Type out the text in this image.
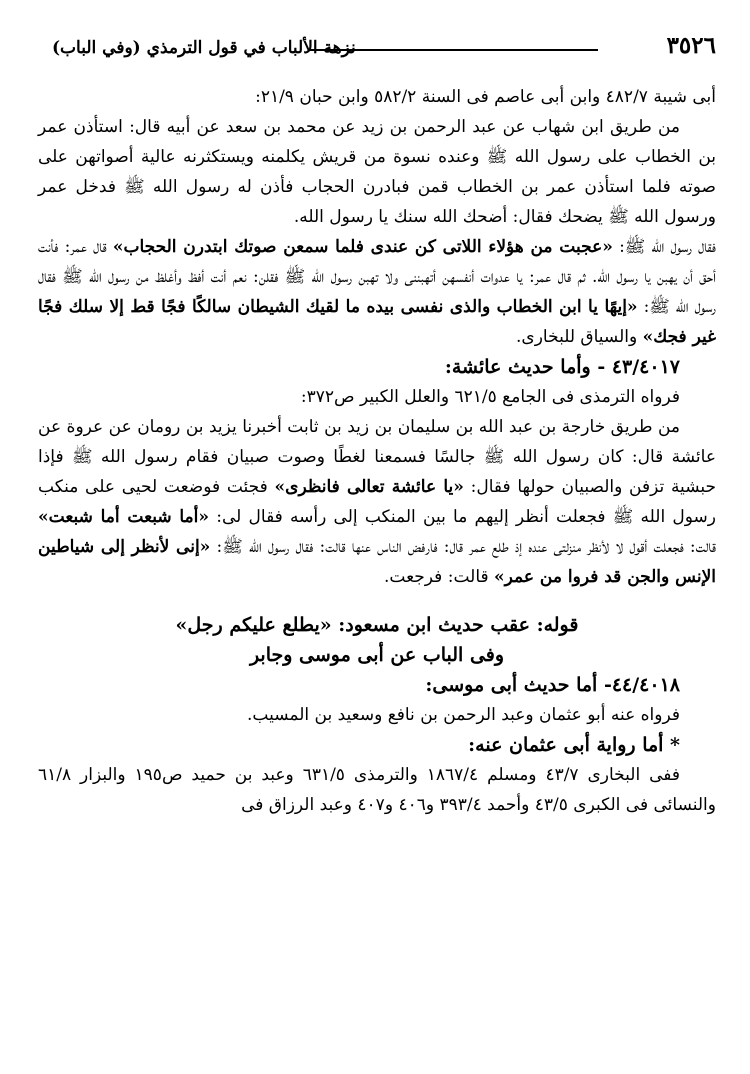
نزهة الألباب في قول الترمذي (وفي الباب)	٣٥٢٦

أبى شيبة ٤٨٢/٧ وابن أبى عاصم فى السنة ٥٨٢/٢ وابن حبان ٢١/٩:

من طريق ابن شهاب عن عبد الرحمن بن زيد عن محمد بن سعد عن أبيه قال: استأذن عمر بن الخطاب على رسول الله ﷺ وعنده نسوة من قريش يكلمنه ويستكثرنه عالية أصواتهن على صوته فلما استأذن عمر بن الخطاب قمن فبادرن الحجاب فأذن له رسول الله ﷺ فدخل عمر ورسول الله ﷺ يضحك فقال: أضحك الله سنك يا رسول الله.

فقال رسول الله ﷺ: «عجبت من هؤلاء اللاتى كن عندى فلما سمعن صوتك ابتدرن الحجاب» قال عمر: فأنت أحق أن يهبن يا رسول الله. ثم قال عمر: يا عدوات أنفسهن أتهبننى ولا تهبن رسول الله ﷺ فقلن: نعم أنت أفظ وأغلظ من رسول الله ﷺ فقال رسول الله ﷺ: «إيهًا يا ابن الخطاب والذى نفسى بيده ما لقيك الشيطان سالكًا فجًا قط إلا سلك فجًا غير فجك» والسياق للبخارى.

٤٣/٤٠١٧ - وأما حديث عائشة:

فرواه الترمذى فى الجامع ٦٢١/٥ والعلل الكبير ص٣٧٢:

من طريق خارجة بن عبد الله بن سليمان بن زيد بن ثابت أخبرنا يزيد بن رومان عن عروة عن عائشة قال: كان رسول الله ﷺ جالسًا فسمعنا لغطًا وصوت صبيان فقام رسول الله ﷺ فإذا حبشية تزفن والصبيان حولها فقال: «يا عائشة تعالى فانظرى» فجئت فوضعت لحيى على منكب رسول الله ﷺ فجعلت أنظر إليهم ما بين المنكب إلى رأسه فقال لى: «أما شبعت أما شبعت» قالت: فجعلت أقول لا لأنظر منزلتى عنده إذ طلع عمر قال: فارفض الناس عنها قالت: فقال رسول الله ﷺ: «إنى لأنظر إلى شياطين الإنس والجن قد فروا من عمر» قالت: فرجعت.

قوله: عقب حديث ابن مسعود: «يطلع عليكم رجل»

وفى الباب عن أبى موسى وجابر

٤٤/٤٠١٨- أما حديث أبى موسى:

فرواه عنه أبو عثمان وعبد الرحمن بن نافع وسعيد بن المسيب.

* أما رواية أبى عثمان عنه:

ففى البخارى ٤٣/٧ ومسلم ١٨٦٧/٤ والترمذى ٦٣١/٥ وعبد بن حميد ص١٩٥ والبزار ٦١/٨ والنسائى فى الكبرى ٤٣/٥ وأحمد ٣٩٣/٤ و٤٠٦ و٤٠٧ وعبد الرزاق فى
